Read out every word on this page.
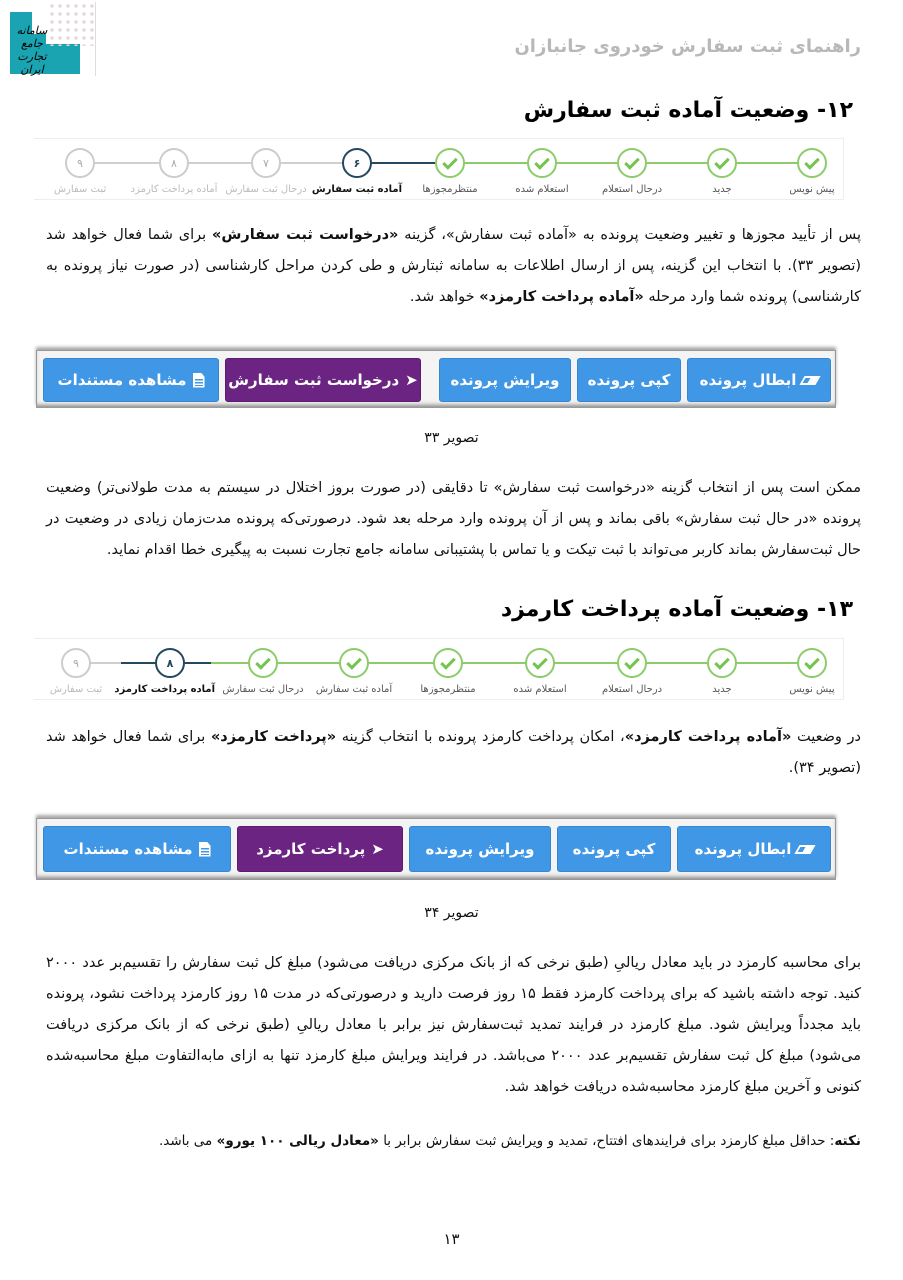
سامانه جامع تجارت ایران
راهنمای ثبت سفارش خودروی جانبازان
۱۲- وضعیت آماده ثبت سفارش
پیش نویس
جدید
درحال استعلام
استعلام شده
منتظرمجوزها
۶
آماده ثبت سفارش
۷
درحال ثبت سفارش
۸
آماده پرداخت کارمزد
۹
ثبت سفارش
پس از تأیید مجوزها و تغییر وضعیت پرونده به «آماده ثبت سفارش»، گزینه «درخواست ثبت سفارش» برای شما فعال خواهد شد (تصویر ۳۳). با انتخاب این گزینه، پس از ارسال اطلاعات به سامانه ثبتارش و طی کردن مراحل کارشناسی (در صورت نیاز پرونده به کارشناسی) پرونده شما وارد مرحله «آماده پرداخت کارمزد» خواهد شد.
مشاهده مستندات	➤
درخواست ثبت سفارش	ویرایش پرونده کپی پرونده ابطال پرونده
تصویر ۳۳
ممکن است پس از انتخاب گزینه «درخواست ثبت سفارش» تا دقایقی (در صورت بروز اختلال در سیستم به مدت طولانی‌تر) وضعیت پرونده «در حال ثبت سفارش» باقی بماند و پس از آن پرونده وارد مرحله بعد شود. درصورتی‌که پرونده مدت‌زمان زیادی در وضعیت در حال ثبت‌سفارش بماند کاربر می‌تواند با ثبت تیکت و یا تماس با پشتیبانی سامانه جامع تجارت نسبت به پیگیری خطا اقدام نماید.
۱۳- وضعیت آماده پرداخت کارمزد
پیش نویس
جدید
درحال استعلام
استعلام شده
منتظرمجوزها
آماده ثبت سفارش
درحال ثبت سفارش
۸
آماده پرداخت کارمزد
۹
ثبت سفارش
در وضعیت «آماده پرداخت کارمزد»، امکان پرداخت کارمزد پرونده با انتخاب گزینه «پرداخت کارمزد» برای شما فعال خواهد شد (تصویر ۳۴).
مشاهده مستندات	➤
پرداخت کارمزد	ویرایش پرونده	کپی پرونده	ابطال پرونده
تصویر ۳۴
برای محاسبه کارمزد در باید معادل ريالیِ (طبق نرخی که از بانک مرکزی دریافت می‌شود) مبلغ کل ثبت سفارش را تقسیم‌بر عدد ۲۰۰۰ کنید. توجه داشته باشید که برای پرداخت کارمزد فقط ۱۵ روز فرصت دارید و درصورتی‌که در مدت ۱۵ روز کارمزد پرداخت نشود، پرونده باید مجدداً ویرایش شود. مبلغ کارمزد در فرایند تمدید ثبت‌سفارش نیز برابر با معادل ريالیِ (طبق نرخی که از بانک مرکزی دریافت می‌شود) مبلغ کل ثبت سفارش تقسیم‌بر عدد ۲۰۰۰ می‌باشد. در فرایند ویرایش مبلغ کارمزد تنها به ازای مابه‌التفاوت مبلغ محاسبه‌شده کنونی و آخرین مبلغ کارمزد محاسبه‌شده دریافت خواهد شد.
نکته: حداقل مبلغ کارمزد برای فرایندهای افتتاح، تمدید و ویرایش ثبت سفارش برابر با «معادل ریالی ۱۰۰ یورو» می باشد.
۱۳
